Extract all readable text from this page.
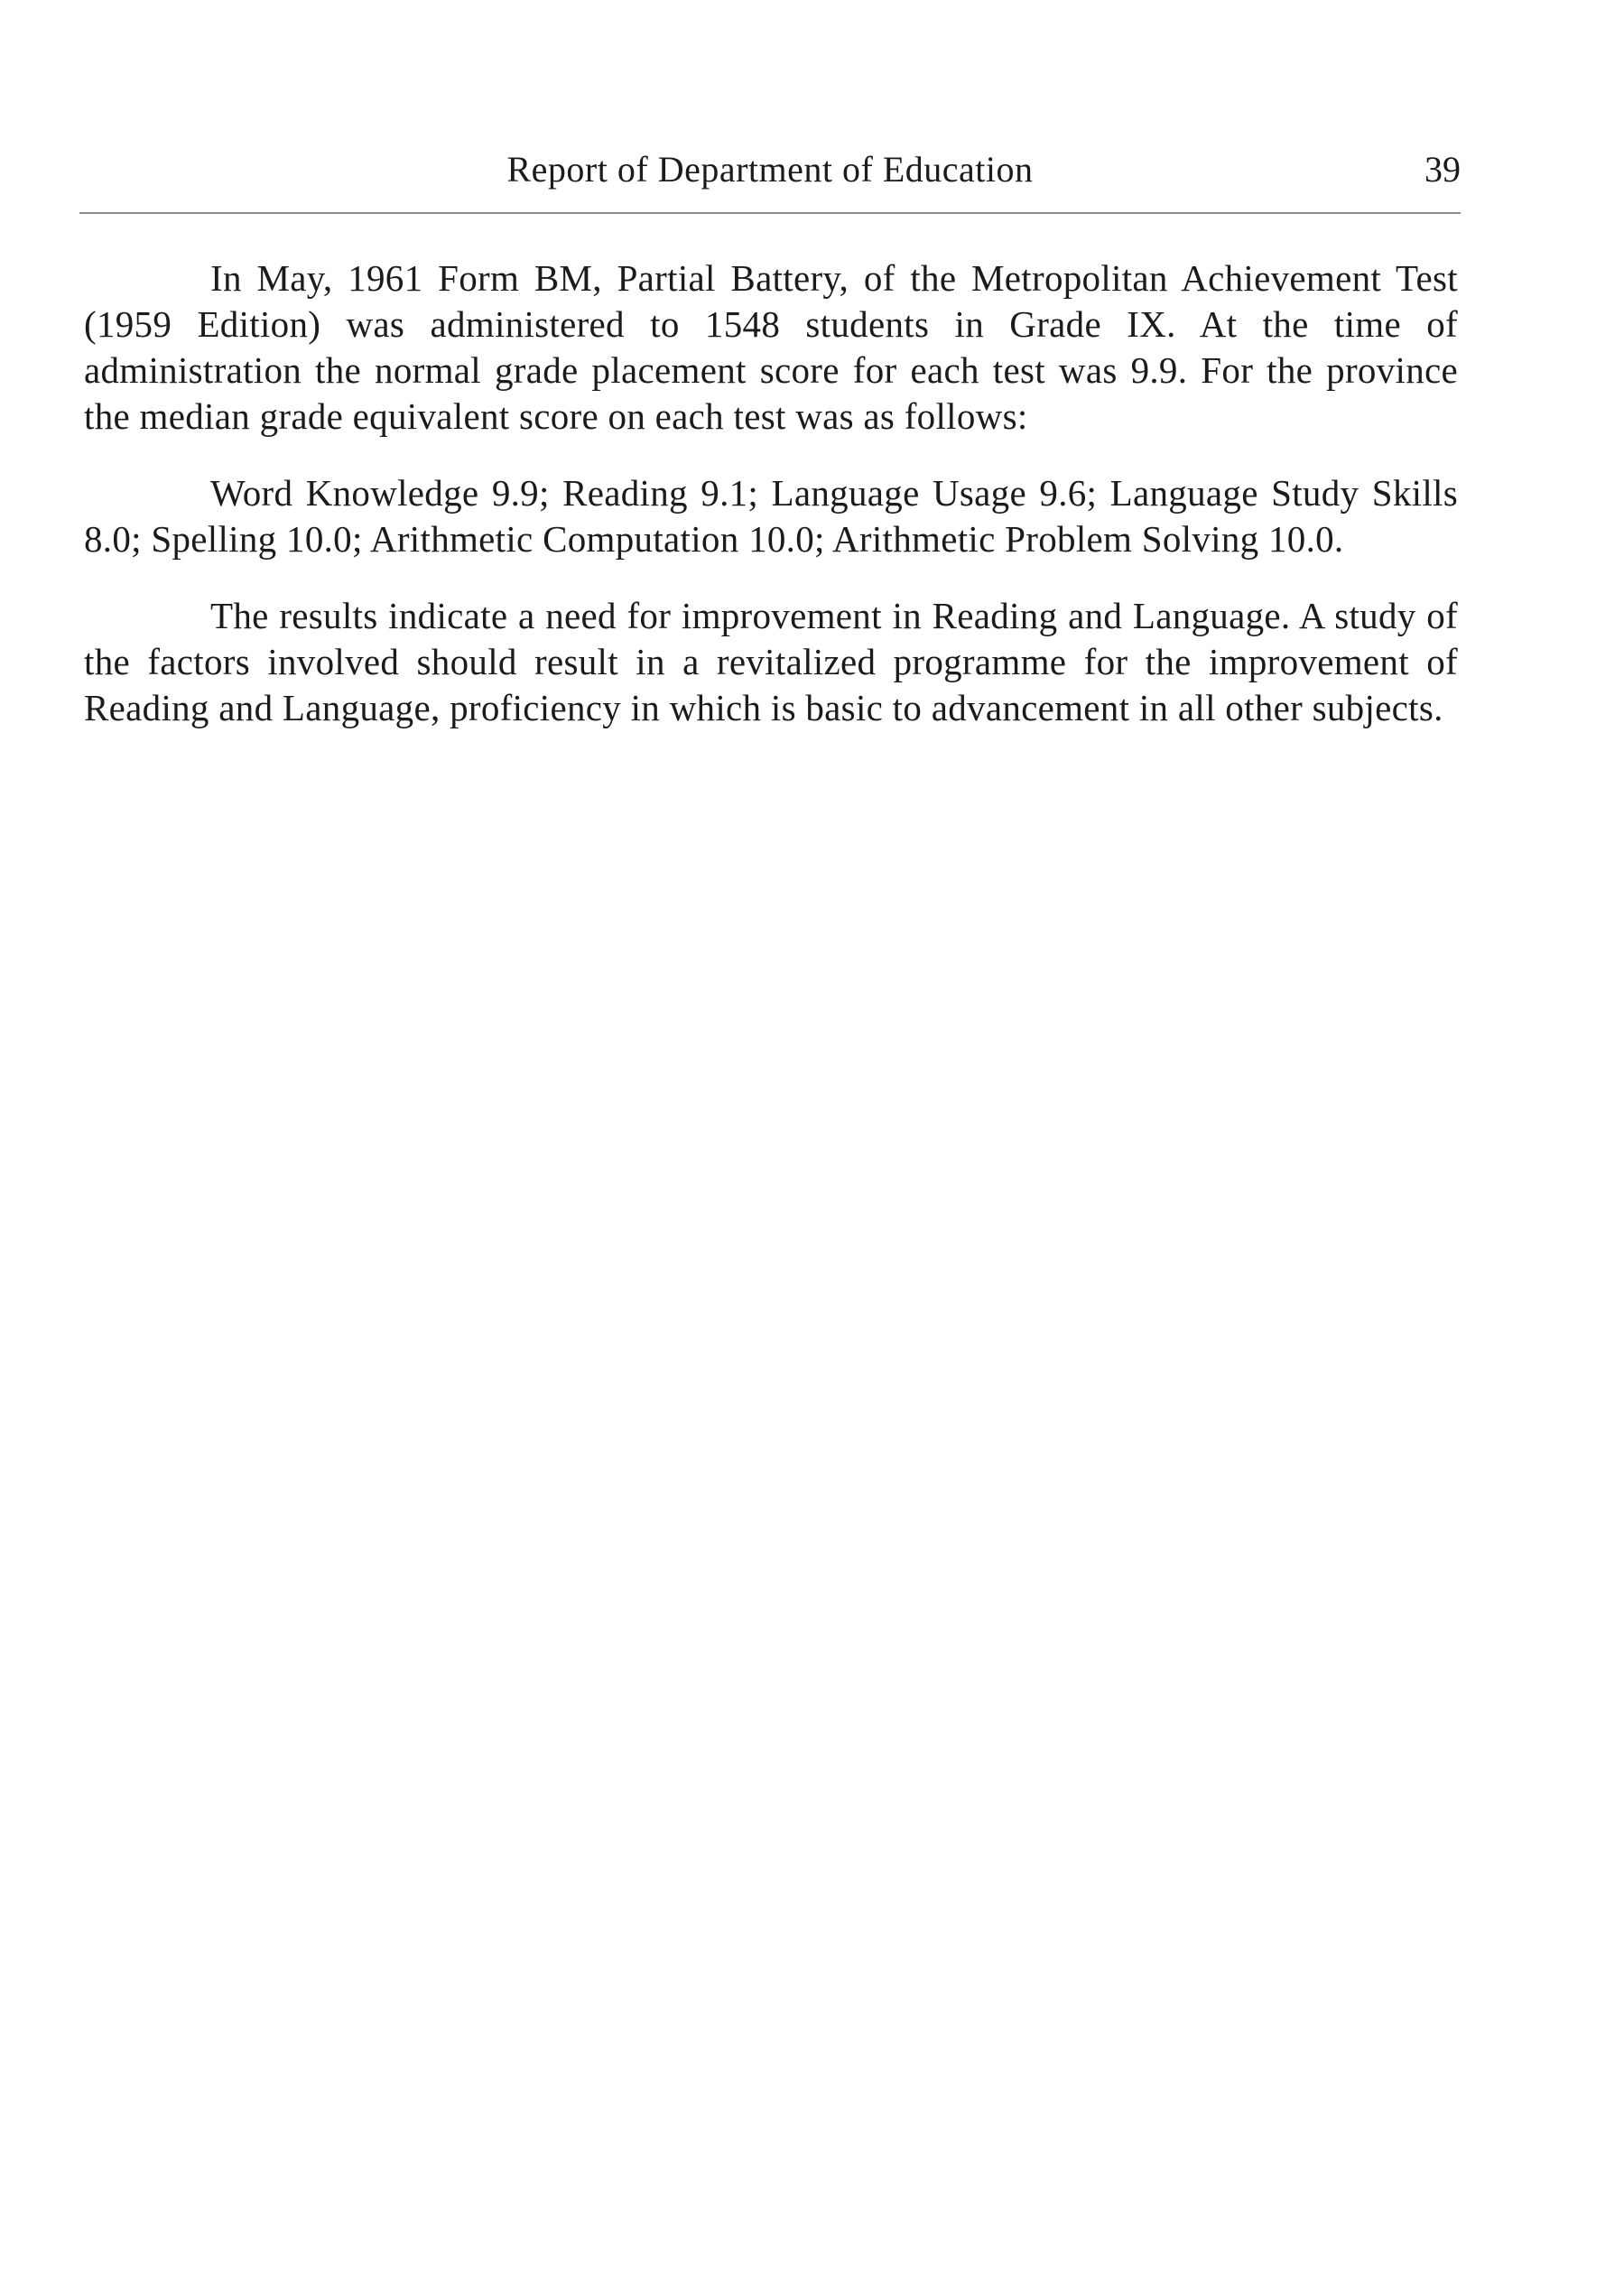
Report of Department of Education	39

In May, 1961 Form BM, Partial Battery, of the Metropolitan Achievement Test (1959 Edition) was administered to 1548 students in Grade IX. At the time of administration the normal grade placement score for each test was 9.9. For the province the median grade equivalent score on each test was as follows:

Word Knowledge 9.9; Reading 9.1; Language Usage 9.6; Language Study Skills 8.0; Spelling 10.0; Arithmetic Computation 10.0; Arithmetic Problem Solving 10.0.

The results indicate a need for improvement in Reading and Language. A study of the factors involved should result in a revitalized programme for the improvement of Reading and Language, proficiency in which is basic to advancement in all other subjects.
